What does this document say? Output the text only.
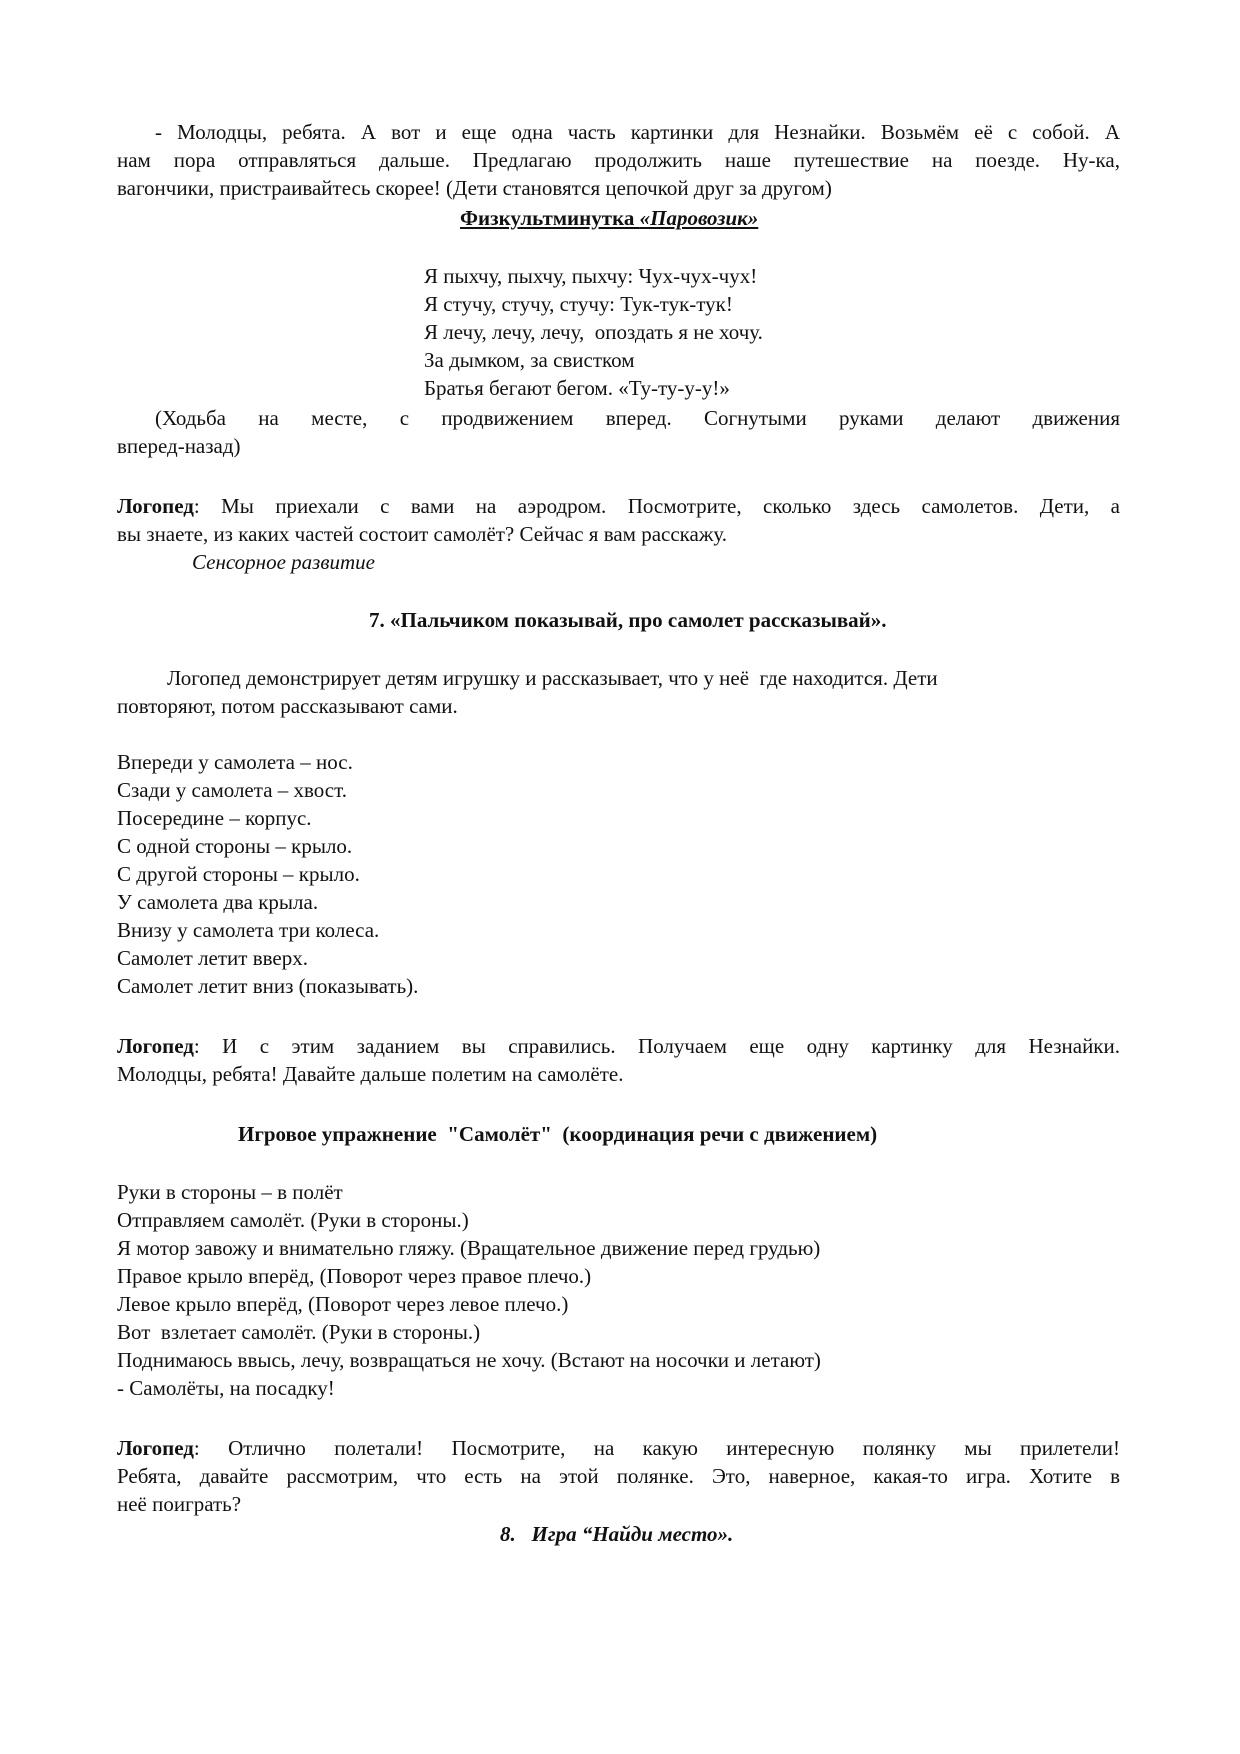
- Молодцы, ребята. А вот и еще одна часть картинки для Незнайки. Возьмём её с собой. А
нам пора отправляться дальше. Предлагаю продолжить наше путешествие на поезде. Ну-ка,
вагончики, пристраивайтесь скорее! (Дети становятся цепочкой друг за другом)
Физкультминутка «Паровозик»
Я пыхчу, пыхчу, пыхчу: Чух-чух-чух!
Я стучу, стучу, стучу: Тук-тук-тук!
Я лечу, лечу, лечу,  опоздать я не хочу.
За дымком, за свистком
Братья бегают бегом. «Ту-ту-у-у!»
(Ходьба на месте, с продвижением вперед. Согнутыми руками делают движения
вперед-назад)
Логопед: Мы приехали с вами на аэродром. Посмотрите, сколько здесь самолетов. Дети, а
вы знаете, из каких частей состоит самолёт? Сейчас я вам расскажу.
Сенсорное развитие
7. «Пальчиком показывай, про самолет рассказывай».
Логопед демонстрирует детям игрушку и рассказывает, что у неё  где находится. Дети
повторяют, потом рассказывают сами.
Впереди у самолета – нос.
Сзади у самолета – хвост.
Посередине – корпус.
С одной стороны – крыло.
С другой стороны – крыло.
У самолета два крыла.
Внизу у самолета три колеса.
Самолет летит вверх.
Самолет летит вниз (показывать).
Логопед: И с этим заданием вы справились. Получаем еще одну картинку для Незнайки.
Молодцы, ребята! Давайте дальше полетим на самолёте.
Игровое упражнение  "Самолёт"  (координация речи с движением)
Руки в стороны – в полёт
Отправляем самолёт. (Руки в стороны.)
Я мотор завожу и внимательно гляжу. (Вращательное движение перед грудью)
Правое крыло вперёд, (Поворот через правое плечо.)
Левое крыло вперёд, (Поворот через левое плечо.)
Вот  взлетает самолёт. (Руки в стороны.)
Поднимаюсь ввысь, лечу, возвращаться не хочу. (Встают на носочки и летают)
- Самолёты, на посадку!
Логопед: Отлично полетали! Посмотрите, на какую интересную полянку мы прилетели!
Ребята, давайте рассмотрим, что есть на этой полянке. Это, наверное, какая-то игра. Хотите в
неё поиграть?
8.   Игра “Найди место».
